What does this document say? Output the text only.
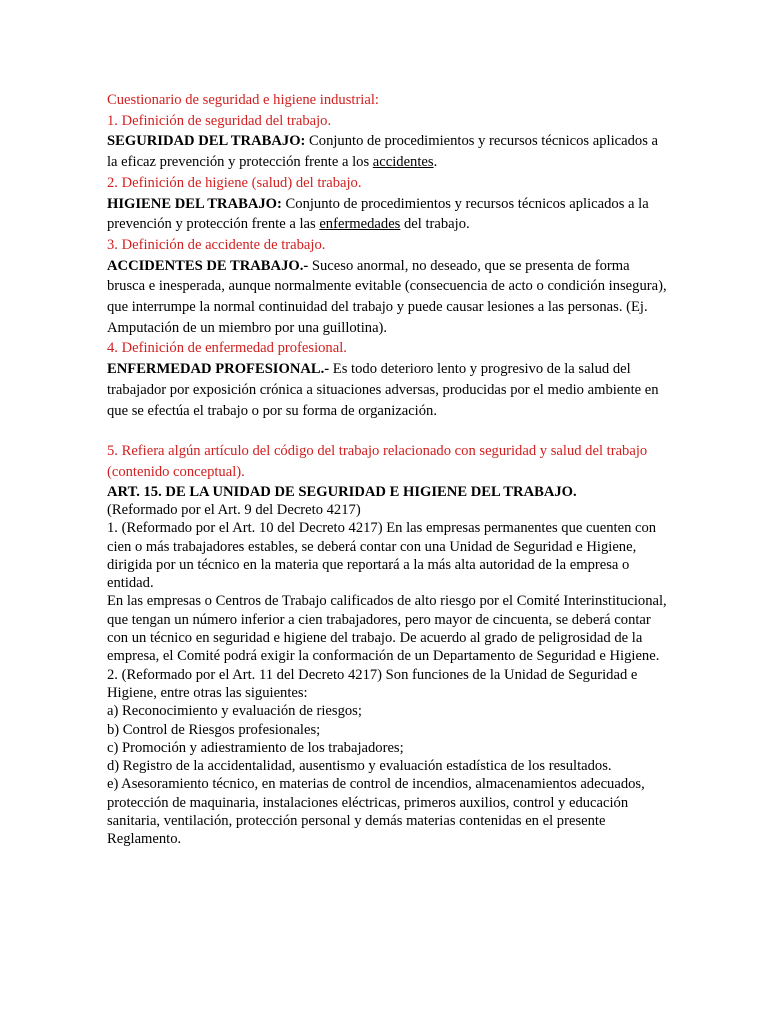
Cuestionario de seguridad e higiene industrial:

1. Definición de seguridad del trabajo.

SEGURIDAD DEL TRABAJO: Conjunto de procedimientos y recursos técnicos aplicados a la eficaz prevención y protección frente a los accidentes.

2. Definición de higiene (salud) del trabajo.

HIGIENE DEL TRABAJO: Conjunto de procedimientos y recursos técnicos aplicados a la prevención y protección frente a las enfermedades del trabajo.

3. Definición de accidente de trabajo.

ACCIDENTES DE TRABAJO.- Suceso anormal, no deseado, que se presenta de forma brusca e inesperada, aunque normalmente evitable (consecuencia de acto o condición insegura), que interrumpe la normal continuidad del trabajo y puede causar lesiones a las personas. (Ej. Amputación de un miembro por una guillotina).

4. Definición de enfermedad profesional.

ENFERMEDAD PROFESIONAL.- Es todo deterioro lento y progresivo de la salud del trabajador por exposición crónica a situaciones adversas, producidas por el medio ambiente en que se efectúa el trabajo o por su forma de organización.

5. Refiera algún artículo del código del trabajo relacionado con seguridad y salud del trabajo (contenido conceptual).

ART. 15. DE LA UNIDAD DE SEGURIDAD E HIGIENE DEL TRABAJO.

(Reformado por el Art. 9 del Decreto 4217)

1. (Reformado por el Art. 10 del Decreto 4217) En las empresas permanentes que cuenten con cien o más trabajadores estables, se deberá contar con una Unidad de Seguridad e Higiene, dirigida por un técnico en la materia que reportará a la más alta autoridad de la empresa o entidad.

En las empresas o Centros de Trabajo calificados de alto riesgo por el Comité Interinstitucional, que tengan un número inferior a cien trabajadores, pero mayor de cincuenta, se deberá contar con un técnico en seguridad e higiene del trabajo. De acuerdo al grado de peligrosidad de la empresa, el Comité podrá exigir la conformación de un Departamento de Seguridad e Higiene.

2. (Reformado por el Art. 11 del Decreto 4217) Son funciones de la Unidad de Seguridad e Higiene, entre otras las siguientes:

a) Reconocimiento y evaluación de riesgos;

b) Control de Riesgos profesionales;

c) Promoción y adiestramiento de los trabajadores;

d) Registro de la accidentalidad, ausentismo y evaluación estadística de los resultados.

e) Asesoramiento técnico, en materias de control de incendios, almacenamientos adecuados, protección de maquinaria, instalaciones eléctricas, primeros auxilios, control y educación sanitaria, ventilación, protección personal y demás materias contenidas en el presente Reglamento.
